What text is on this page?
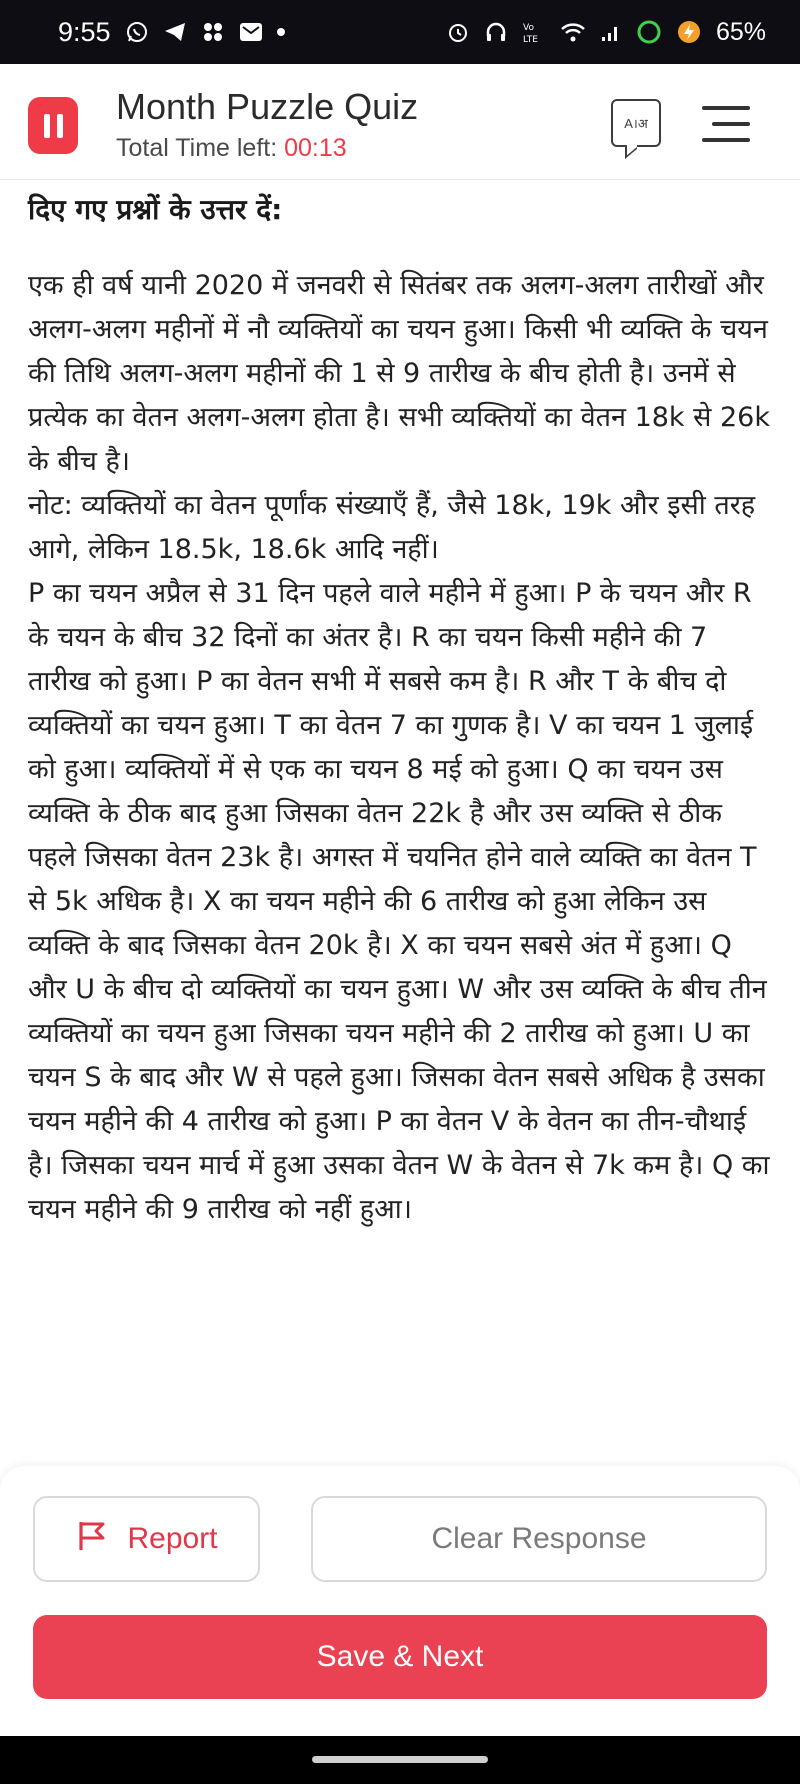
9:55	Vo
LTE	65%
Month Puzzle Quiz
Total Time left: 00:13
A।अ
दिए गए प्रश्नों के उत्तर दें:

एक ही वर्ष यानी 2020 में जनवरी से सितंबर तक अलग-अलग तारीखों और अलग-अलग महीनों में नौ व्यक्तियों का चयन हुआ। किसी भी व्यक्ति के चयन की तिथि अलग-अलग महीनों की 1 से 9 तारीख के बीच होती है। उनमें से प्रत्येक का वेतन अलग-अलग होता है। सभी व्यक्तियों का वेतन 18k से 26k के बीच है।

नोट: व्यक्तियों का वेतन पूर्णांक संख्याएँ हैं, जैसे 18k, 19k और इसी तरह आगे, लेकिन 18.5k, 18.6k आदि नहीं।

P का चयन अप्रैल से 31 दिन पहले वाले महीने में हुआ। P के चयन और R के चयन के बीच 32 दिनों का अंतर है। R का चयन किसी महीने की 7 तारीख को हुआ। P का वेतन सभी में सबसे कम है। R और T के बीच दो व्यक्तियों का चयन हुआ। T का वेतन 7 का गुणक है। V का चयन 1 जुलाई को हुआ। व्यक्तियों में से एक का चयन 8 मई को हुआ। Q का चयन उस व्यक्ति के ठीक बाद हुआ जिसका वेतन 22k है और उस व्यक्ति से ठीक पहले जिसका वेतन 23k है। अगस्त में चयनित होने वाले व्यक्ति का वेतन T से 5k अधिक है। X का चयन महीने की 6 तारीख को हुआ लेकिन उस व्यक्ति के बाद जिसका वेतन 20k है। X का चयन सबसे अंत में हुआ। Q और U के बीच दो व्यक्तियों का चयन हुआ। W और उस व्यक्ति के बीच तीन व्यक्तियों का चयन हुआ जिसका चयन महीने की 2 तारीख को हुआ। U का चयन S के बाद और W से पहले हुआ। जिसका वेतन सबसे अधिक है उसका चयन महीने की 4 तारीख को हुआ। P का वेतन V के वेतन का तीन-चौथाई है। जिसका चयन मार्च में हुआ उसका वेतन W के वेतन से 7k कम है। Q का चयन महीने की 9 तारीख को नहीं हुआ।

Report	Clear Response
Save & Next
